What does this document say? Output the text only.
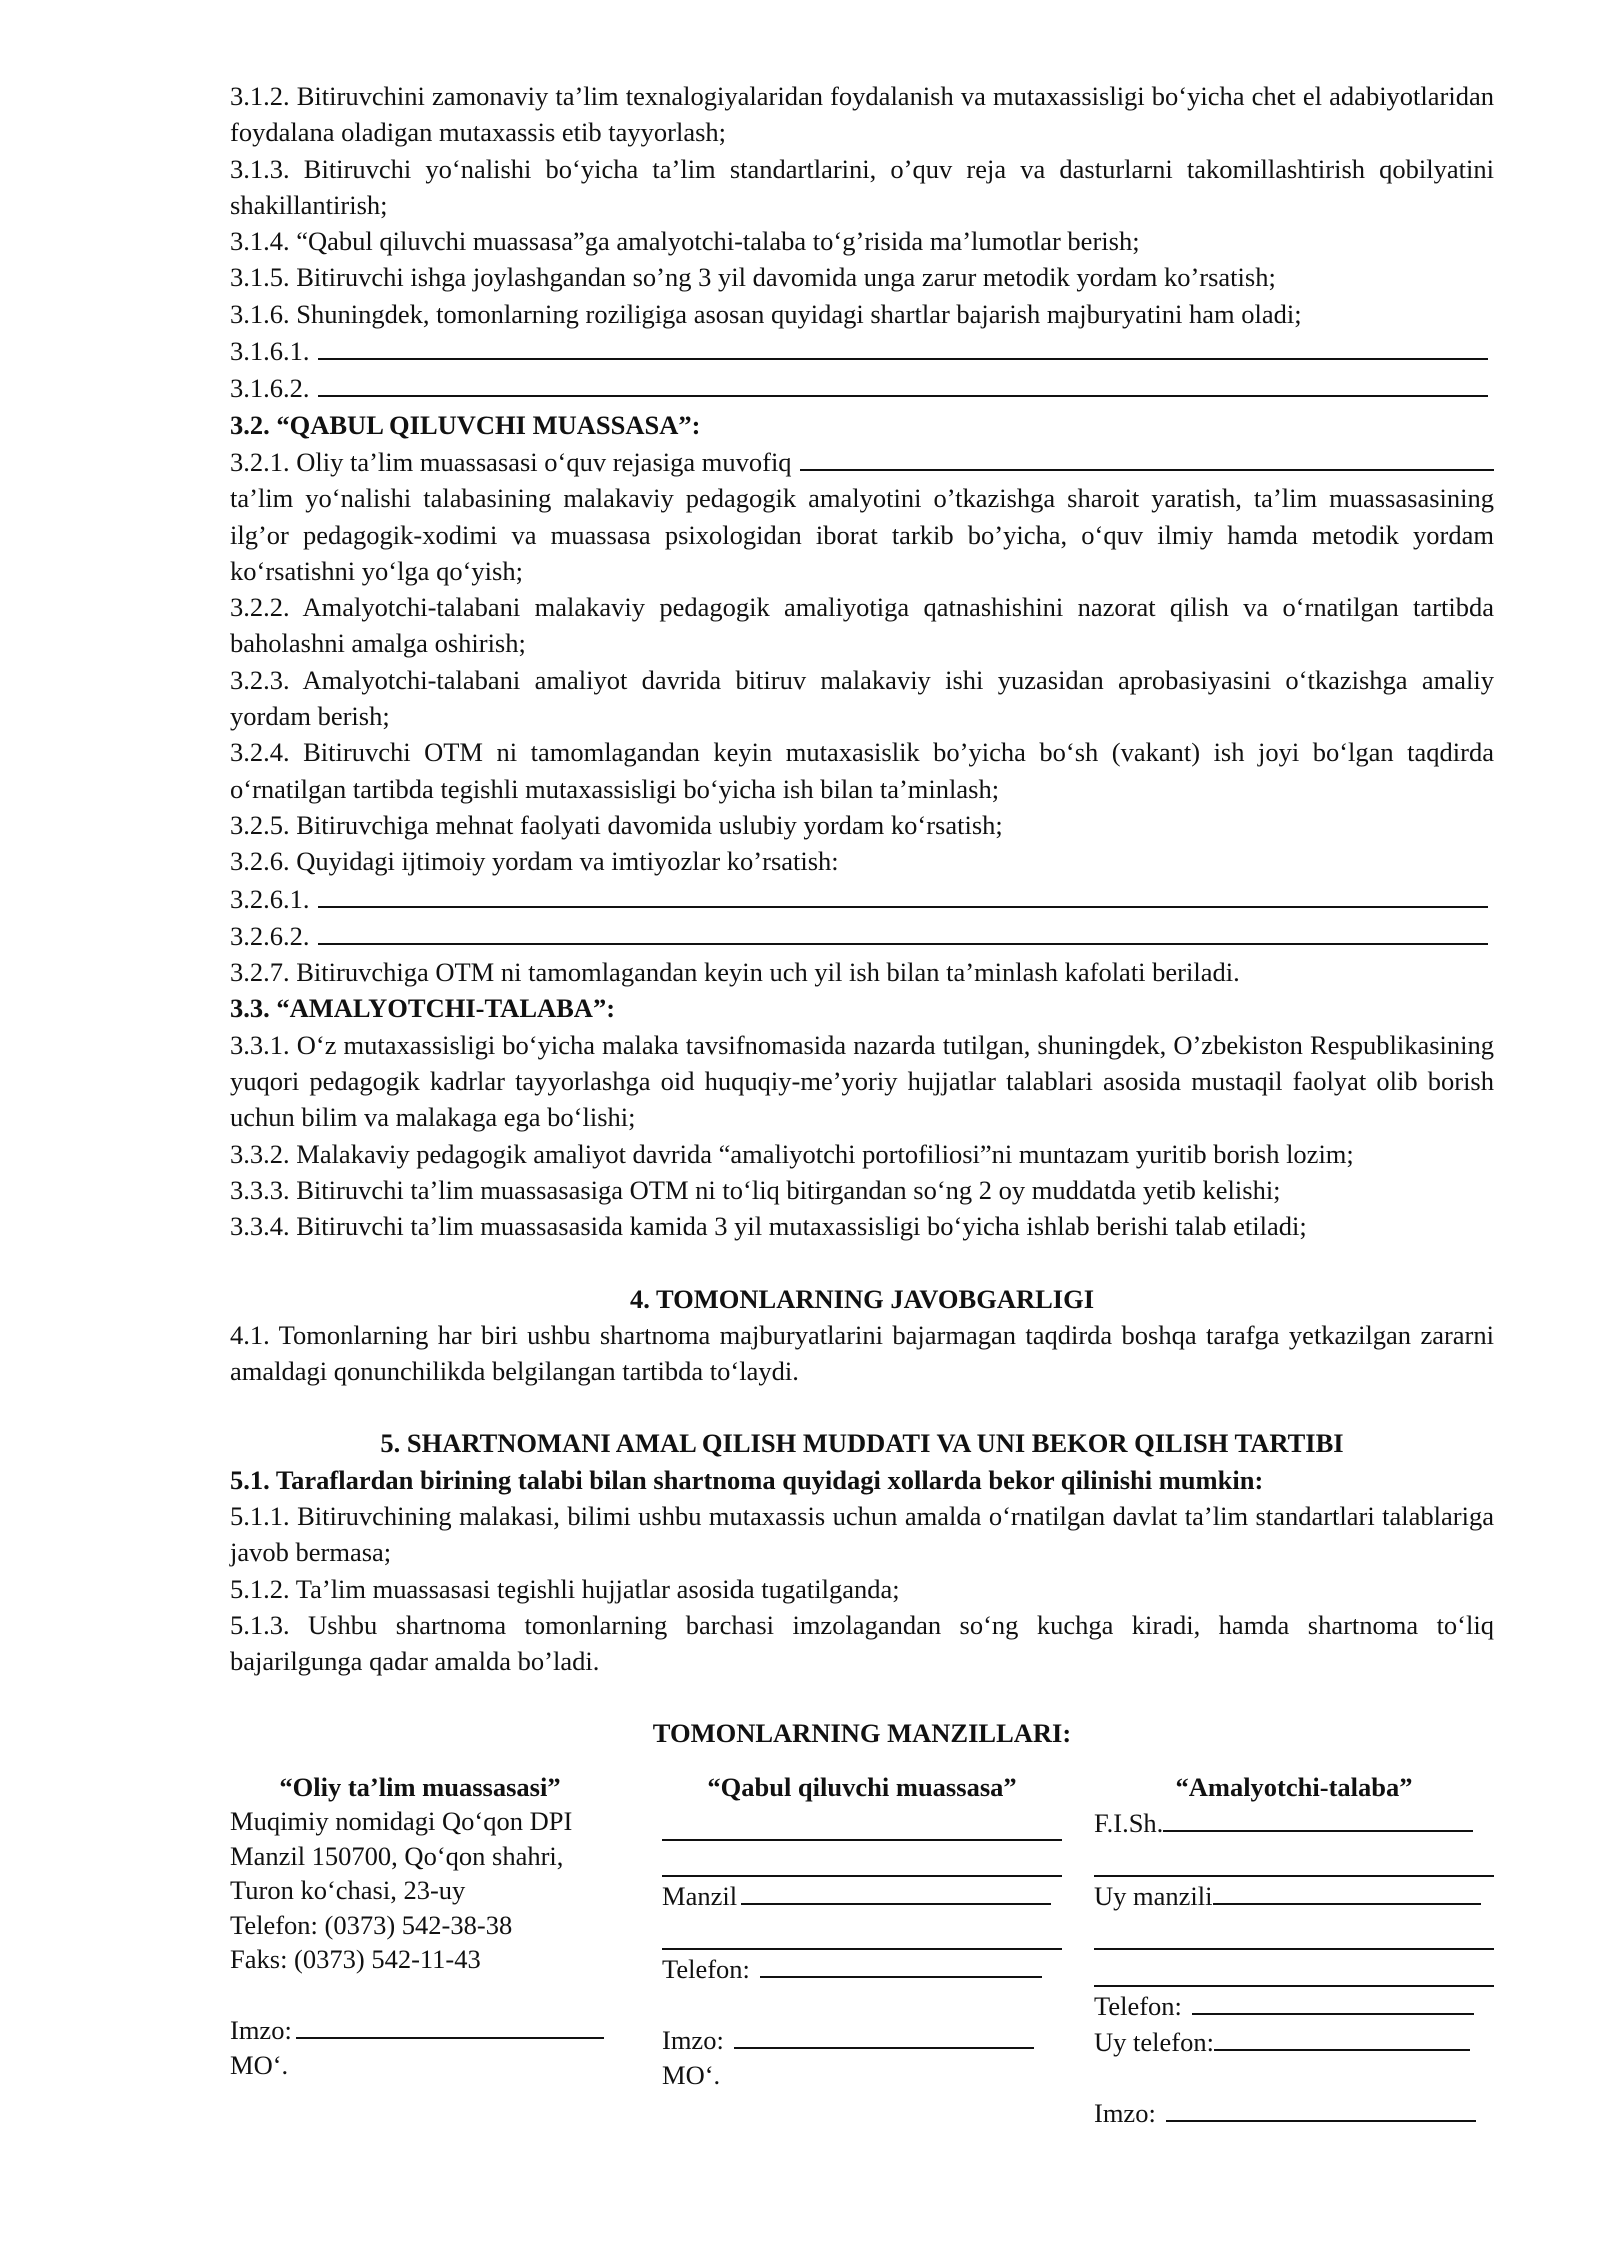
3.1.2. Bitiruvchini zamonaviy ta’lim texnalogiyalaridan foydalanish va mutaxassisligi bo‘yicha chet el adabiyotlaridan foydalana oladigan mutaxassis etib tayyorlash;

3.1.3. Bitiruvchi yo‘nalishi bo‘yicha ta’lim standartlarini, o’quv reja va dasturlarni takomillashtirish qobilyatini shakillantirish;

3.1.4. “Qabul qiluvchi muassasa”ga amalyotchi-talaba to‘g’risida ma’lumotlar berish;

3.1.5. Bitiruvchi ishga joylashgandan so’ng 3 yil davomida unga zarur metodik yordam ko’rsatish;

3.1.6. Shuningdek, tomonlarning roziligiga asosan quyidagi shartlar bajarish majburyatini ham oladi;

3.1.6.1.
3.1.6.2.

3.2. “QABUL QILUVCHI MUASSASA”:

3.2.1. Oliy ta’lim muassasasi o‘quv rejasiga muvofiq

ta’lim yo‘nalishi talabasining malakaviy pedagogik amalyotini o’tkazishga sharoit yaratish, ta’lim muassasasining ilg’or pedagogik-xodimi va muassasa psixologidan iborat tarkib bo’yicha, o‘quv ilmiy hamda metodik yordam ko‘rsatishni yo‘lga qo‘yish;

3.2.2. Amalyotchi-talabani malakaviy pedagogik amaliyotiga qatnashishini nazorat qilish va o‘rnatilgan tartibda baholashni amalga oshirish;

3.2.3. Amalyotchi-talabani amaliyot davrida bitiruv malakaviy ishi yuzasidan aprobasiyasini o‘tkazishga amaliy yordam berish;

3.2.4. Bitiruvchi OTM ni tamomlagandan keyin mutaxasislik bo’yicha bo‘sh (vakant) ish joyi bo‘lgan taqdirda o‘rnatilgan tartibda tegishli mutaxassisligi bo‘yicha ish bilan ta’minlash;

3.2.5. Bitiruvchiga mehnat faolyati davomida uslubiy yordam ko‘rsatish;

3.2.6. Quyidagi ijtimoiy yordam va imtiyozlar ko’rsatish:

3.2.6.1.
3.2.6.2.

3.2.7. Bitiruvchiga OTM ni tamomlagandan keyin uch yil ish bilan ta’minlash kafolati beriladi.

3.3. “AMALYOTCHI-TALABA”:

3.3.1. O‘z mutaxassisligi bo‘yicha malaka tavsifnomasida nazarda tutilgan, shuningdek, O’zbekiston Respublikasining yuqori pedagogik kadrlar tayyorlashga oid huquqiy-me’yoriy hujjatlar talablari asosida mustaqil faolyat olib borish uchun bilim va malakaga ega bo‘lishi;

3.3.2. Malakaviy pedagogik amaliyot davrida “amaliyotchi portofiliosi”ni muntazam yuritib borish lozim;

3.3.3. Bitiruvchi ta’lim muassasasiga OTM ni to‘liq bitirgandan so‘ng 2 oy muddatda yetib kelishi;

3.3.4. Bitiruvchi ta’lim muassasasida kamida 3 yil mutaxassisligi bo‘yicha ishlab berishi talab etiladi;

4. TOMONLARNING JAVOBGARLIGI

4.1. Tomonlarning har biri ushbu shartnoma majburyatlarini bajarmagan taqdirda boshqa tarafga yetkazilgan zararni amaldagi qonunchilikda belgilangan tartibda to‘laydi.

5. SHARTNOMANI AMAL QILISH MUDDATI VA UNI BEKOR QILISH TARTIBI

5.1. Taraflardan birining talabi bilan shartnoma quyidagi xollarda bekor qilinishi mumkin:

5.1.1. Bitiruvchining malakasi, bilimi ushbu mutaxassis uchun amalda o‘rnatilgan davlat ta’lim standartlari talablariga javob bermasa;

5.1.2. Ta’lim muassasasi tegishli hujjatlar asosida tugatilganda;

5.1.3. Ushbu shartnoma tomonlarning barchasi imzolagandan so‘ng kuchga kiradi, hamda shartnoma to‘liq bajarilgunga qadar amalda bo’ladi.

TOMONLARNING MANZILLARI:

“Oliy ta’lim muassasasi”
Muqimiy nomidagi Qo‘qon DPI
Manzil 150700, Qo‘qon shahri,
Turon ko‘chasi, 23-uy
Telefon: (0373) 542-38-38
Faks: (0373) 542-11-43
Imzo:
MO‘.
“Qabul qiluvchi muassasa”
Manzil
Telefon:
Imzo:
MO‘.
“Amalyotchi-talaba”
F.I.Sh.
Uy manzili
Telefon:
Uy telefon:
Imzo:
